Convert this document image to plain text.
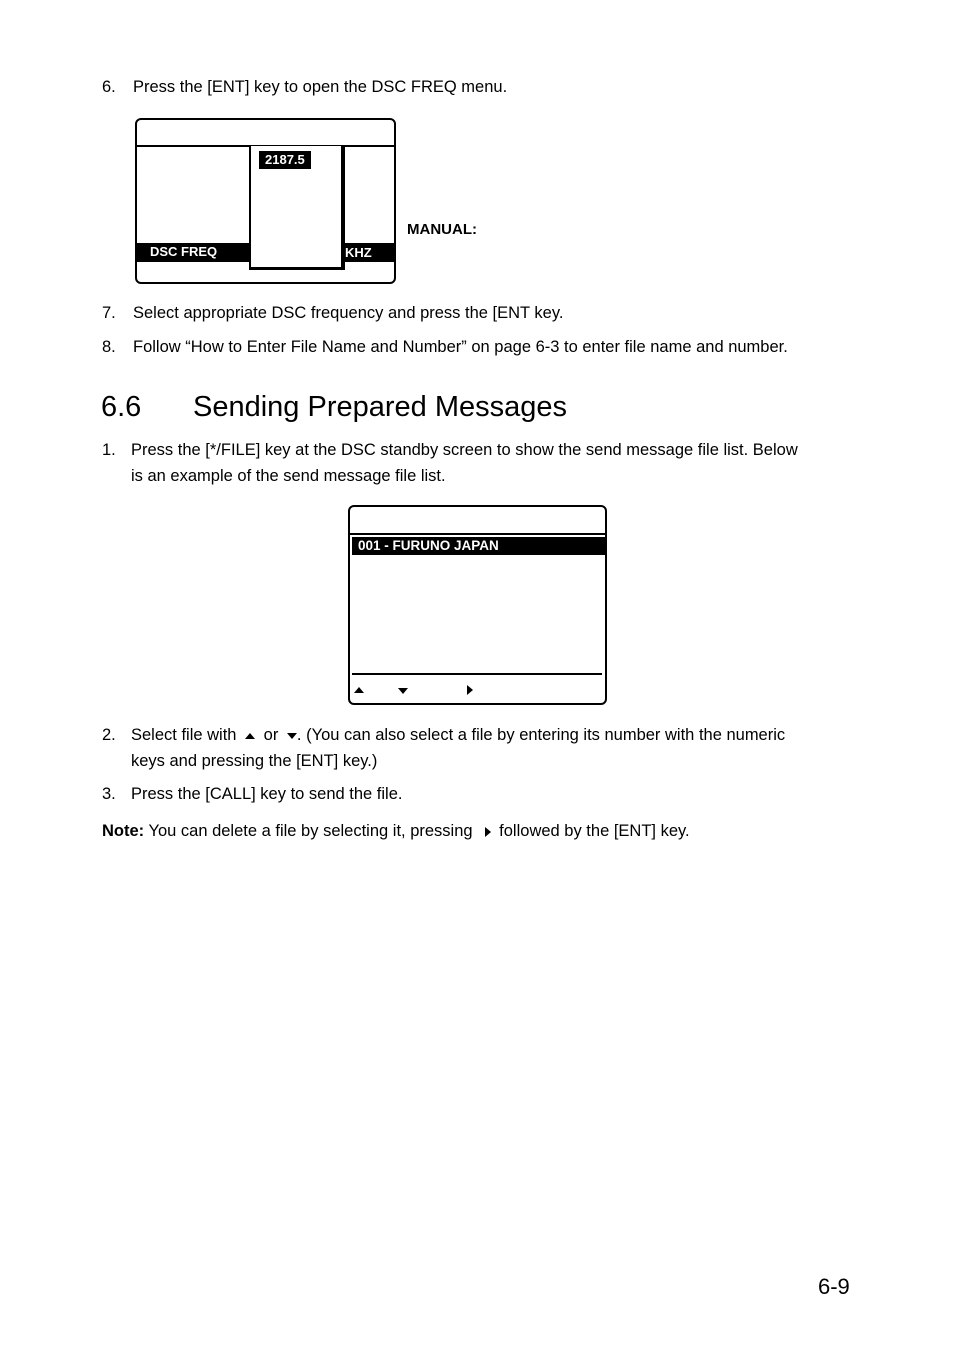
6. Press the [ENT] key to open the DSC FREQ menu.
DSC FREQ	KHZ
2187.5
MANUAL:
7. Select appropriate DSC frequency and press the [ENT key.
8. Follow “How to Enter File Name and Number” on page 6-3 to enter file name and number.
6.6 Sending Prepared Messages
1. Press the [*/FILE] key at the DSC standby screen to show the send message file list. Below
is an example of the send message file list.
001 - FURUNO JAPAN
2. Select file with or . (You can also select a file by entering its number with the numeric
keys and pressing the [ENT] key.)
3. Press the [CALL] key to send the file.
Note: You can delete a file by selecting it, pressing followed by the [ENT] key.
6-9
